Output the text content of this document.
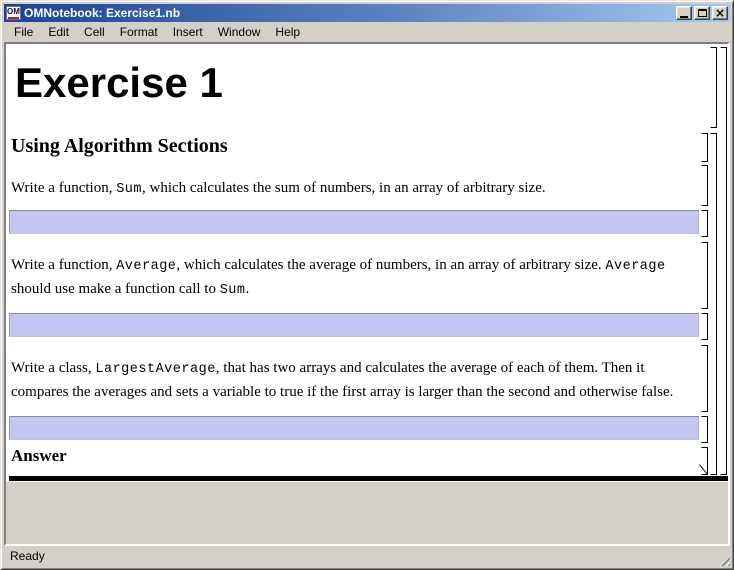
OM OMNotebook: Exercise1.nb	×
File	Edit	Cell	Format	Insert	Window	Help
Exercise 1
Using Algorithm Sections
Write a function, Sum, which calculates the sum of numbers, in an array of arbitrary size.
Write a function, Average, which calculates the average of numbers, in an array of arbitrary size. Average should use make a function call to Sum.
Write a class, LargestAverage, that has two arrays and calculates the average of each of them. Then it compares the averages and sets a variable to true if the first array is larger than the second and otherwise false.
Answer
Ready
